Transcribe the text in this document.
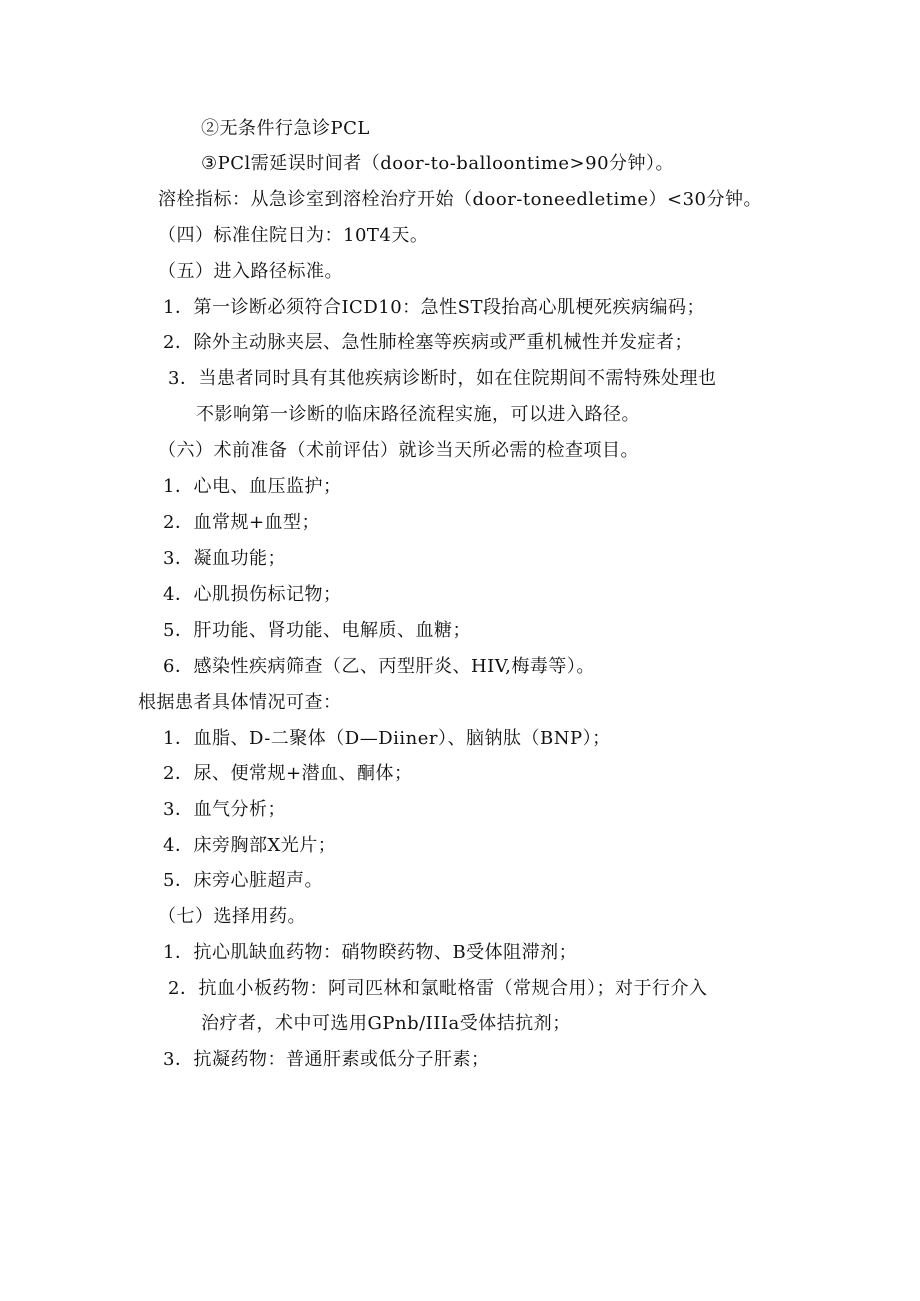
②无条件行急诊PCL
③PCl需延误时间者（door-to-balloontime>90分钟）。
溶栓指标：从急诊室到溶栓治疗开始（door-toneedletime）<30分钟。
（四）标准住院日为：10T4天。
（五）进入路径标准。
1．第一诊断必须符合ICD10：急性ST段抬高心肌梗死疾病编码；
2．除外主动脉夹层、急性肺栓塞等疾病或严重机械性并发症者；
3．当患者同时具有其他疾病诊断时，如在住院期间不需特殊处理也
不影响第一诊断的临床路径流程实施，可以进入路径。
（六）术前准备（术前评估）就诊当天所必需的检查项目。
1．心电、血压监护；
2．血常规+血型；
3．凝血功能；
4．心肌损伤标记物；
5．肝功能、肾功能、电解质、血糖；
6．感染性疾病筛查（乙、丙型肝炎、HIV,梅毒等）。
根据患者具体情况可查：
1．血脂、D-二聚体（D—Diiner）、脑钠肽（BNP）；
2．尿、便常规+潜血、酮体；
3．血气分析；
4．床旁胸部X光片；
5．床旁心脏超声。
（七）选择用药。
1．抗心肌缺血药物：硝物睽药物、B受体阻滞剂；
2．抗血小板药物：阿司匹林和氯毗格雷（常规合用）；对于行介入
治疗者，术中可选用GPnb/IIIa受体拮抗剂；
3．抗凝药物：普通肝素或低分子肝素；
